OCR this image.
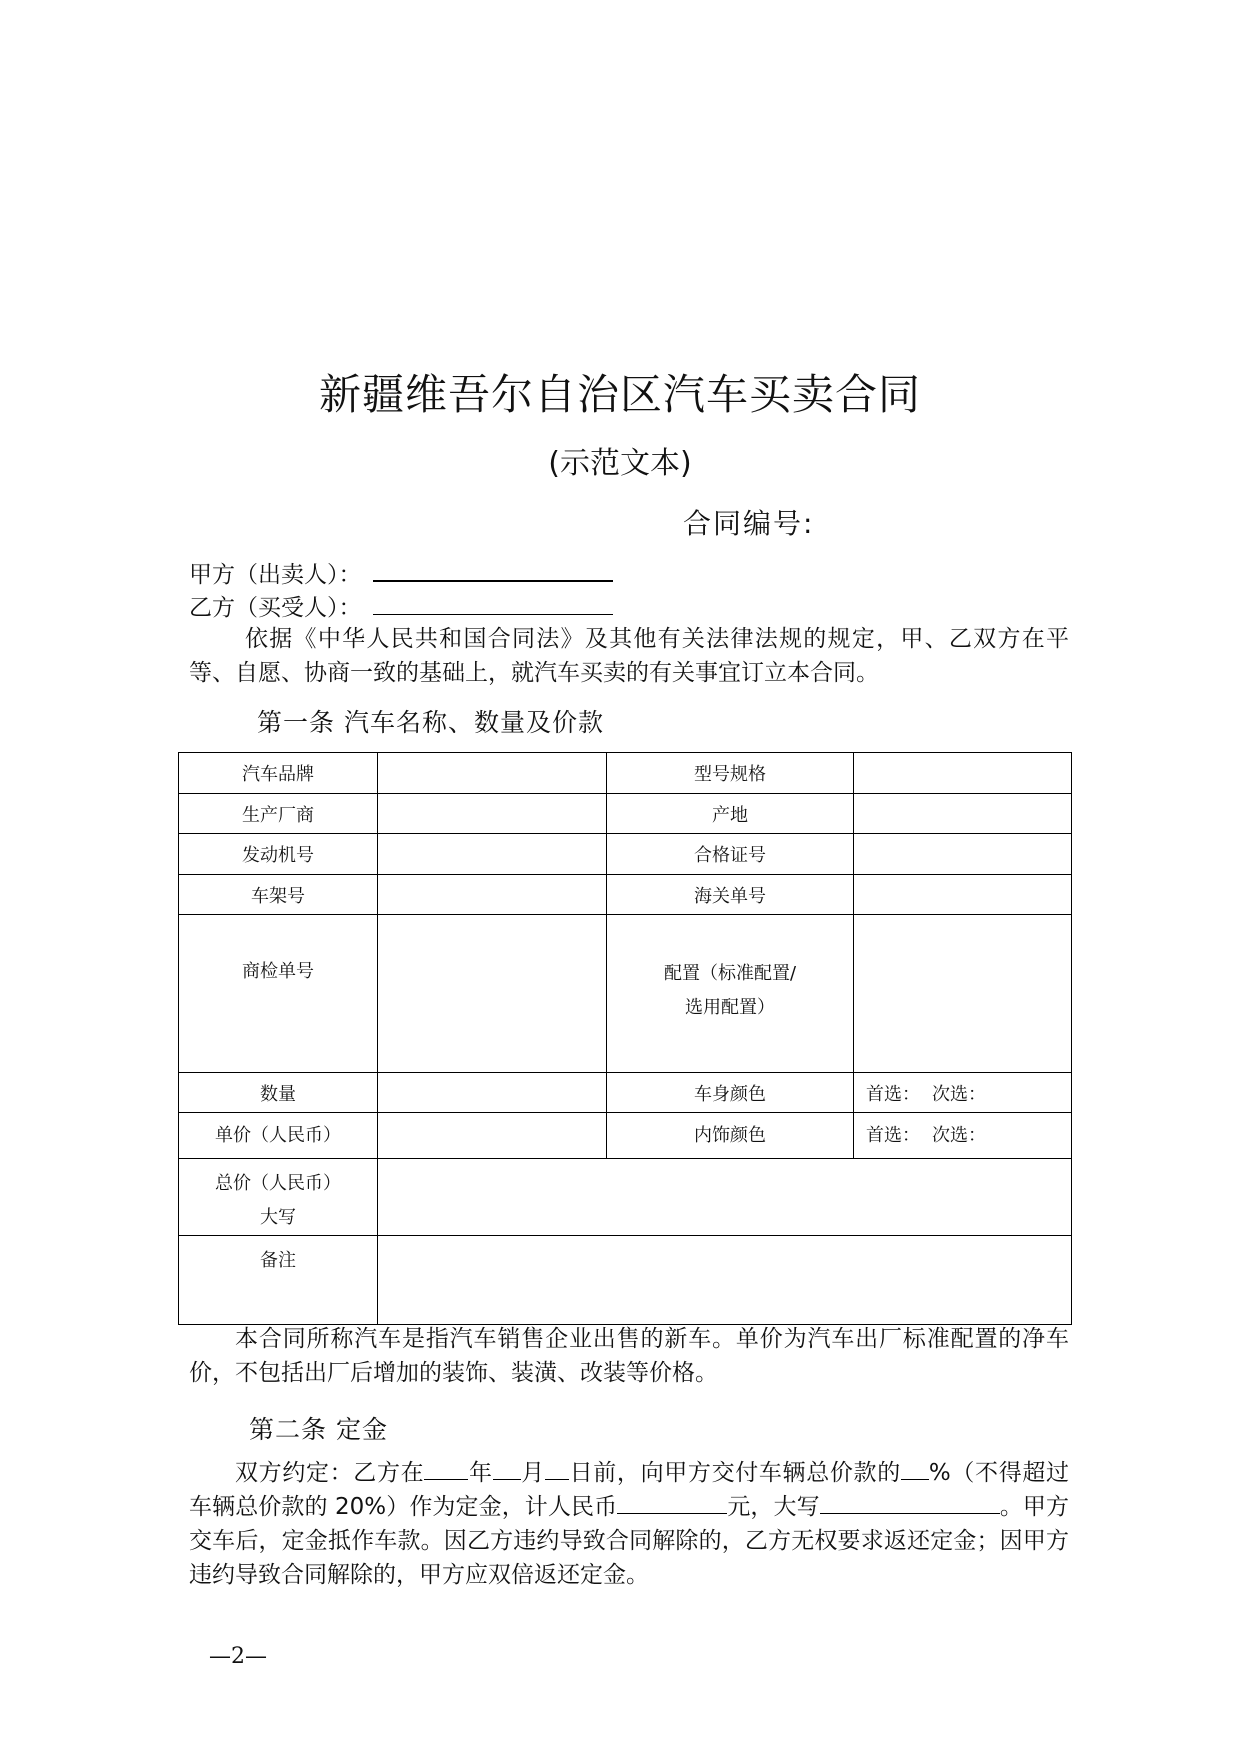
新疆维吾尔自治区汽车买卖合同
(示范文本)
合同编号:
甲方（出卖人）：
乙方（买受人）：
依据《中华人民共和国合同法》及其他有关法律法规的规定，甲、乙双方在平等、自愿、协商一致的基础上，就汽车买卖的有关事宜订立本合同。
第一条 汽车名称、数量及价款
汽车品牌		型号规格	
生产厂商		产地	
发动机号		合格证号	
车架号		海关单号	
商检单号		配置（标准配置/
选用配置）	

数量		车身颜色	首选： 次选：
单价（人民币）		内饰颜色	首选： 次选：

总价（人民币）
大写			

备注			
本合同所称汽车是指汽车销售企业出售的新车。单价为汽车出厂标准配置的净车价，不包括出厂后增加的装饰、装潢、改装等价格。
第二条 定金
双方约定：乙方在 年 月 日前，向甲方交付车辆总价款的 %（不得超过车辆总价款的 20%）作为定金，计人民币	元，大写	。甲方交车后，定金抵作车款。因乙方违约导致合同解除的，乙方无权要求返还定金；因甲方违约导致合同解除的，甲方应双倍返还定金。
—2—
